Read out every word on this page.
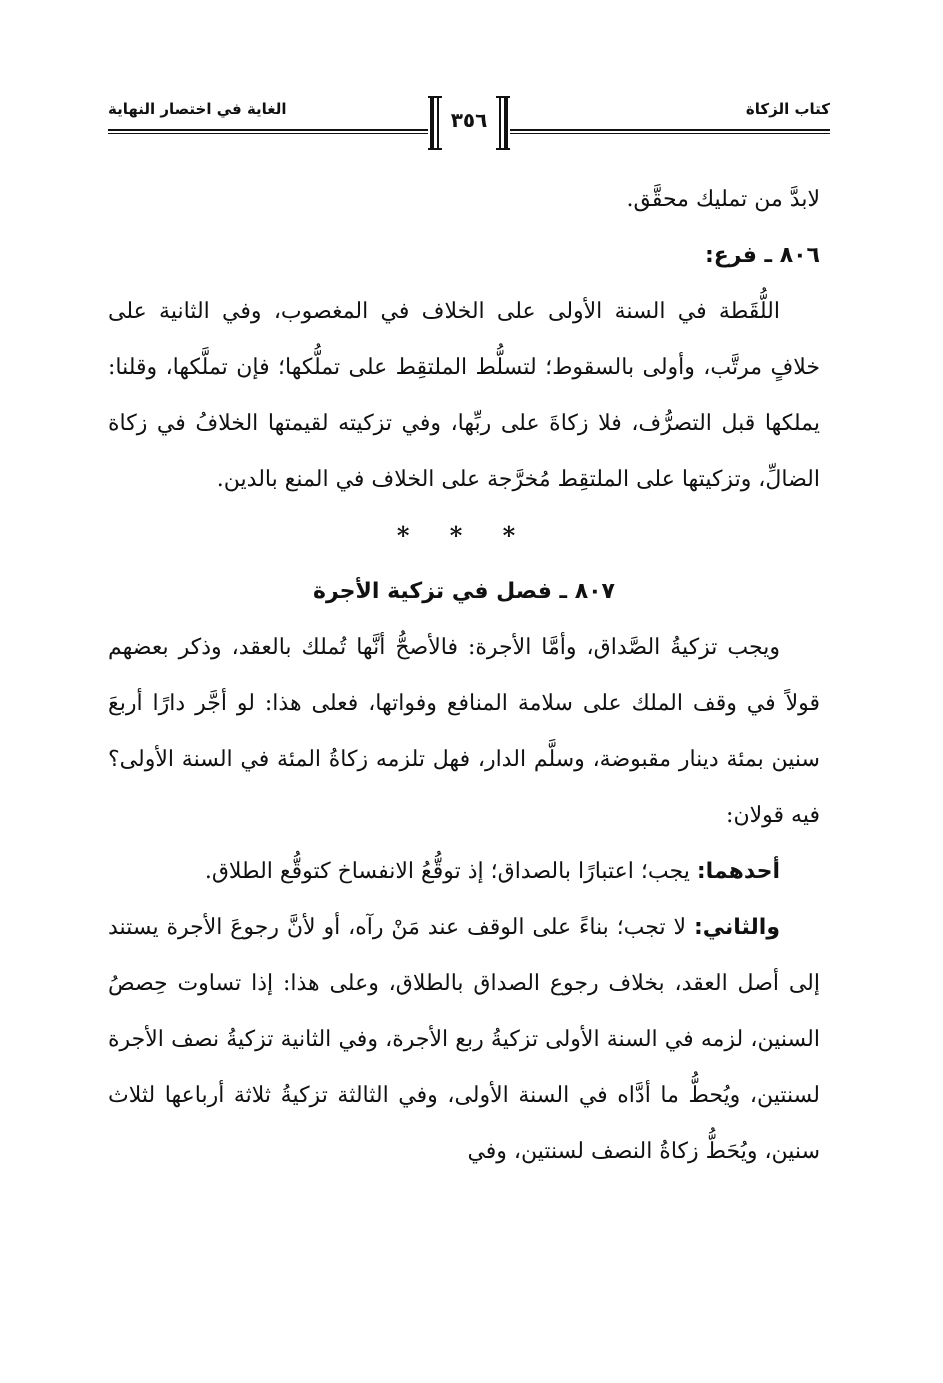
الغاية في اختصار النهاية	كتاب الزكاة
٣٥٦

لابدَّ من تمليك محقَّق.

٨٠٦ ـ فرع:

اللُّقَطة في السنة الأولى على الخلاف في المغصوب، وفي الثانية على خلافٍ مرتَّب، وأولى بالسقوط؛ لتسلُّط الملتقِط على تملُّكها؛ فإن تملَّكها، وقلنا: يملكها قبل التصرُّف، فلا زكاةَ على ربِّها، وفي تزكيته لقيمتها الخلافُ في زكاة الضالِّ، وتزكيتها على الملتقِط مُخرَّجة على الخلاف في المنع بالدين.

* * *

٨٠٧ ـ فصل في تزكية الأجرة

ويجب تزكيةُ الصَّداق، وأمَّا الأجرة: فالأصحُّ أنَّها تُملك بالعقد، وذكر بعضهم قولاً في وقف الملك على سلامة المنافع وفواتها، فعلى هذا: لو أجَّر دارًا أربعَ سنين بمئة دينار مقبوضة، وسلَّم الدار، فهل تلزمه زكاةُ المئة في السنة الأولى؟ فيه قولان:

أحدهما: يجب؛ اعتبارًا بالصداق؛ إذ توقُّعُ الانفساخ كتوقُّع الطلاق.

والثاني: لا تجب؛ بناءً على الوقف عند مَنْ رآه، أو لأنَّ رجوعَ الأجرة يستند إلى أصل العقد، بخلاف رجوع الصداق بالطلاق، وعلى هذا: إذا تساوت حِصصُ السنين، لزمه في السنة الأولى تزكيةُ ربع الأجرة، وفي الثانية تزكيةُ نصف الأجرة لسنتين، ويُحطُّ ما أدَّاه في السنة الأولى، وفي الثالثة تزكيةُ ثلاثة أرباعها لثلاث سنين، ويُحَطُّ زكاةُ النصف لسنتين، وفي
